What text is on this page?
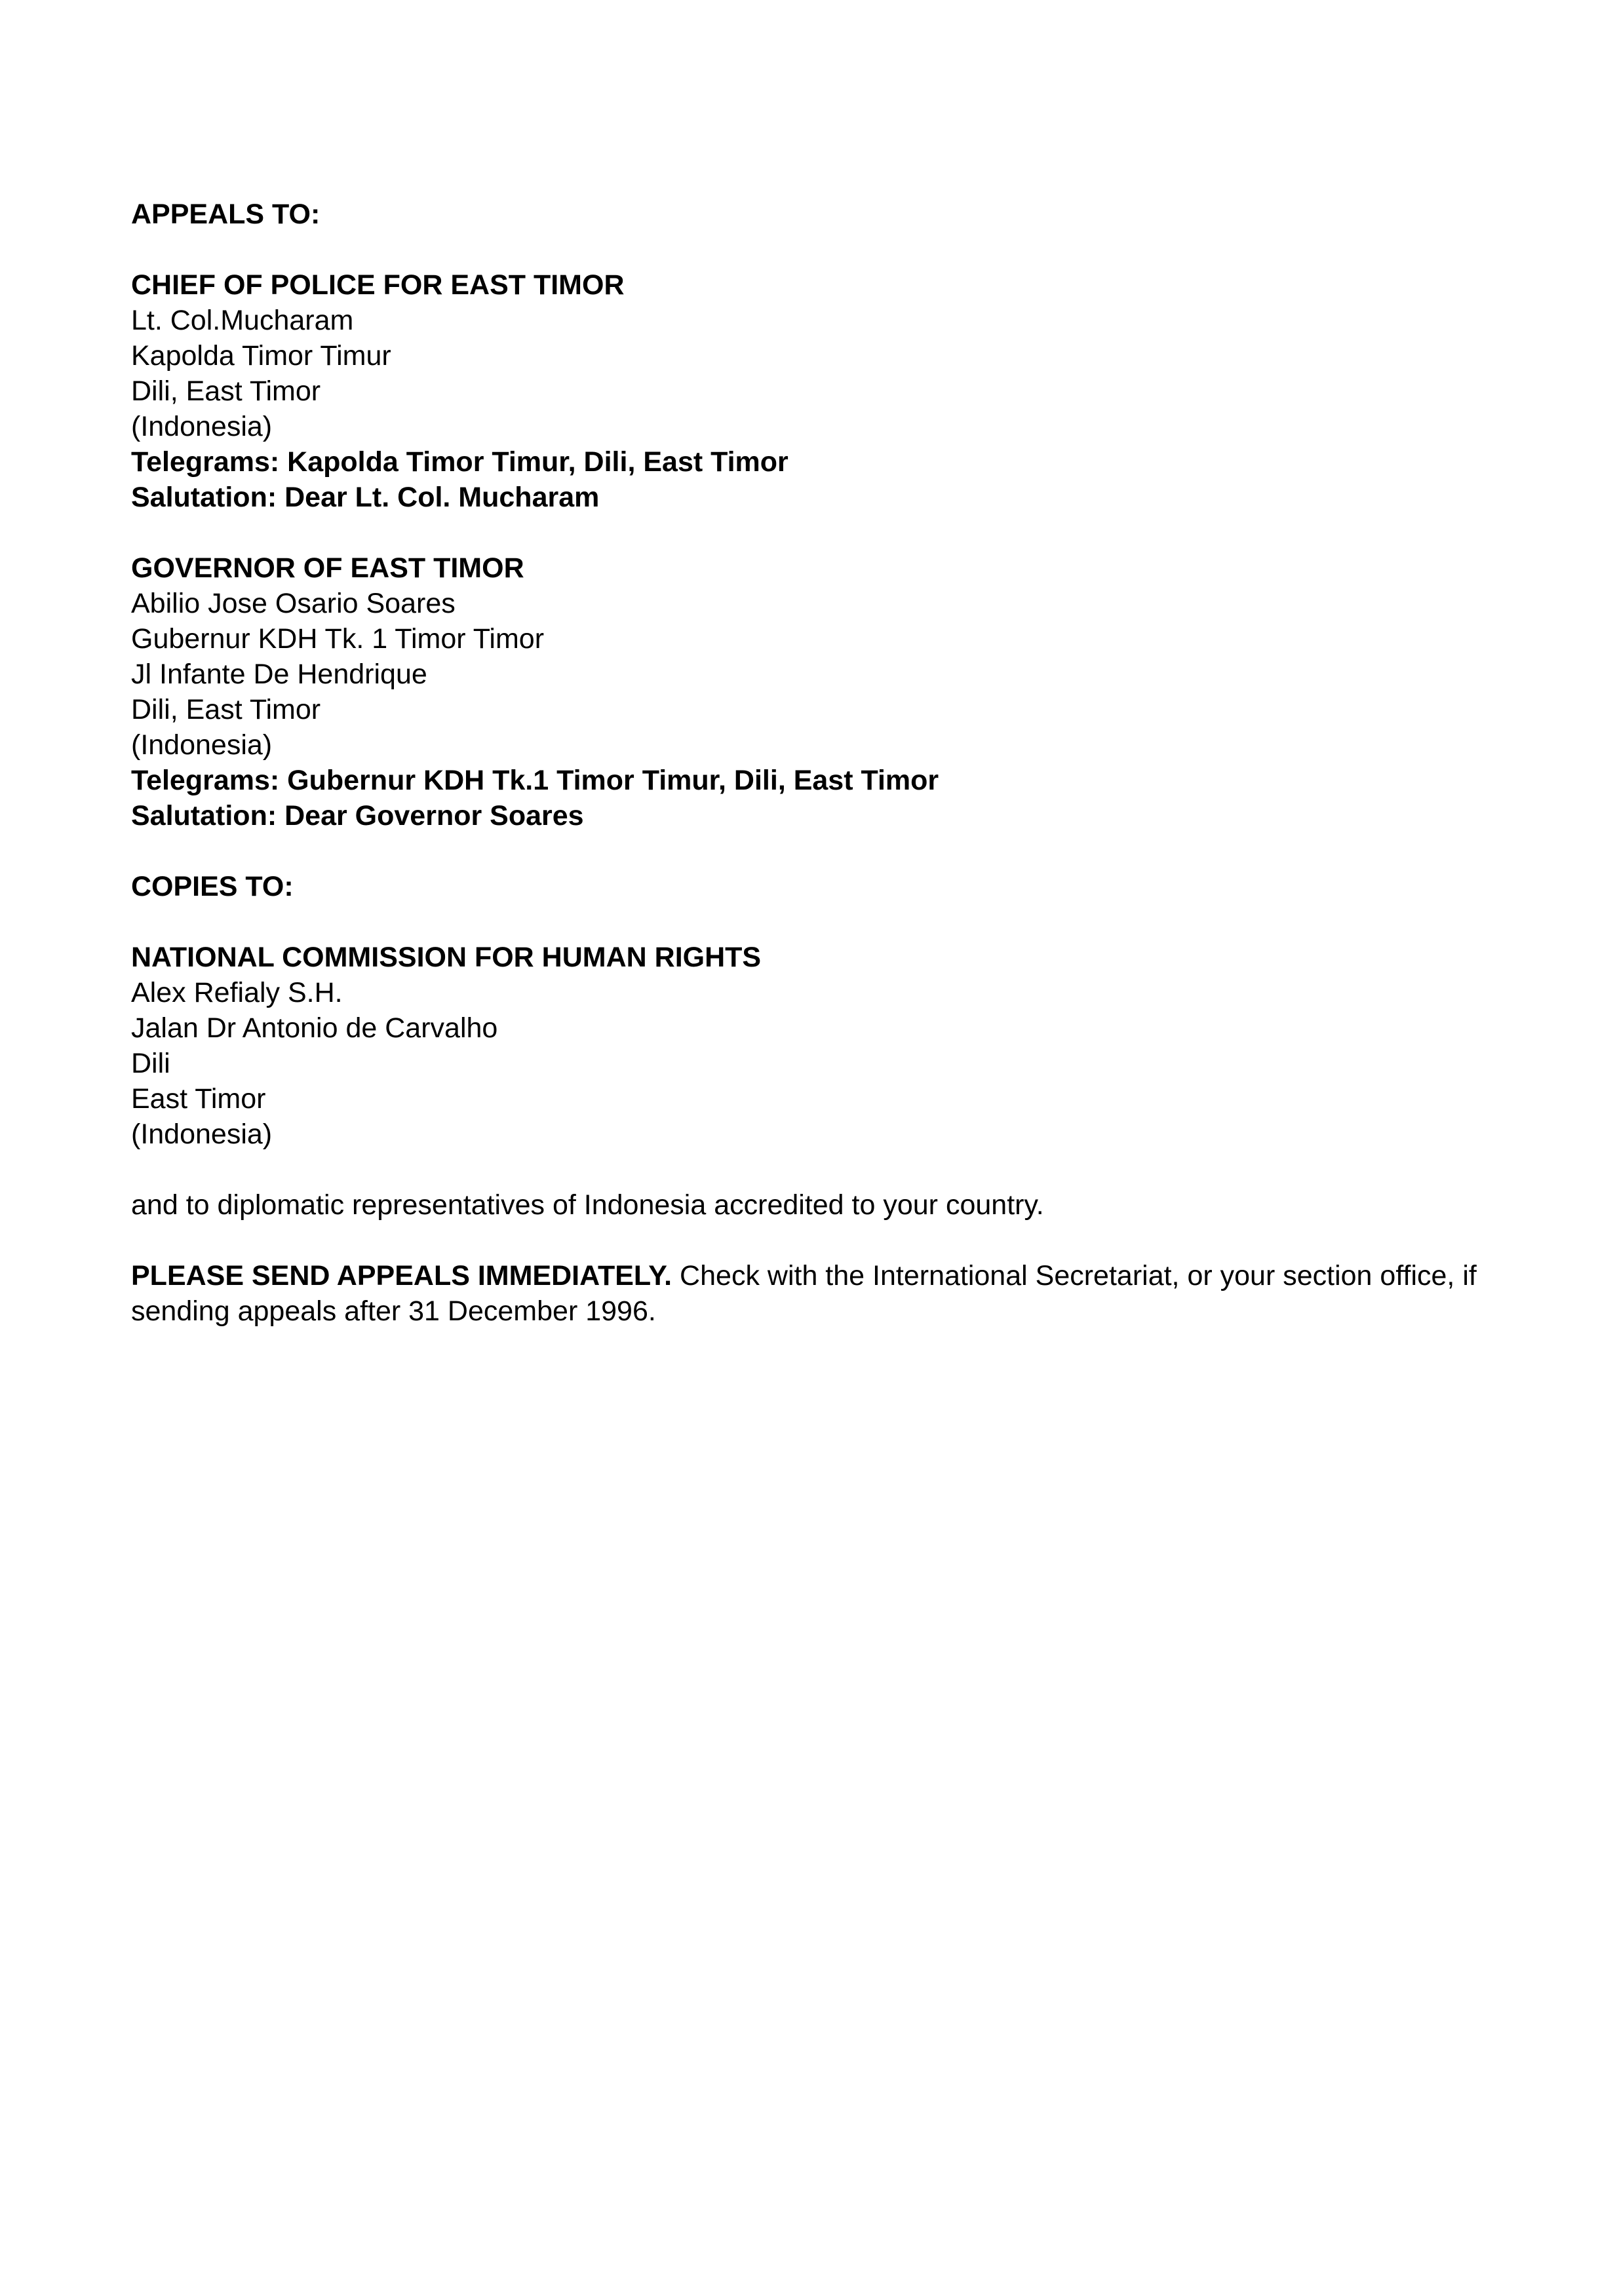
APPEALS TO:
CHIEF OF POLICE FOR EAST TIMOR
Lt. Col.Mucharam
Kapolda Timor Timur
Dili, East Timor
(Indonesia)
Telegrams: Kapolda Timor Timur, Dili, East Timor
Salutation: Dear Lt. Col. Mucharam
GOVERNOR OF EAST TIMOR
Abilio Jose Osario Soares
Gubernur KDH Tk. 1 Timor Timor
Jl Infante De Hendrique
Dili, East Timor
(Indonesia)
Telegrams: Gubernur KDH Tk.1 Timor Timur, Dili, East Timor
Salutation: Dear Governor Soares
COPIES TO:
NATIONAL COMMISSION FOR HUMAN RIGHTS
Alex Refialy S.H.
Jalan Dr Antonio de Carvalho
Dili
East Timor
(Indonesia)
and to diplomatic representatives of Indonesia accredited to your country.

PLEASE SEND APPEALS IMMEDIATELY. Check with the International Secretariat, or your section office, if sending appeals after 31 December 1996.
